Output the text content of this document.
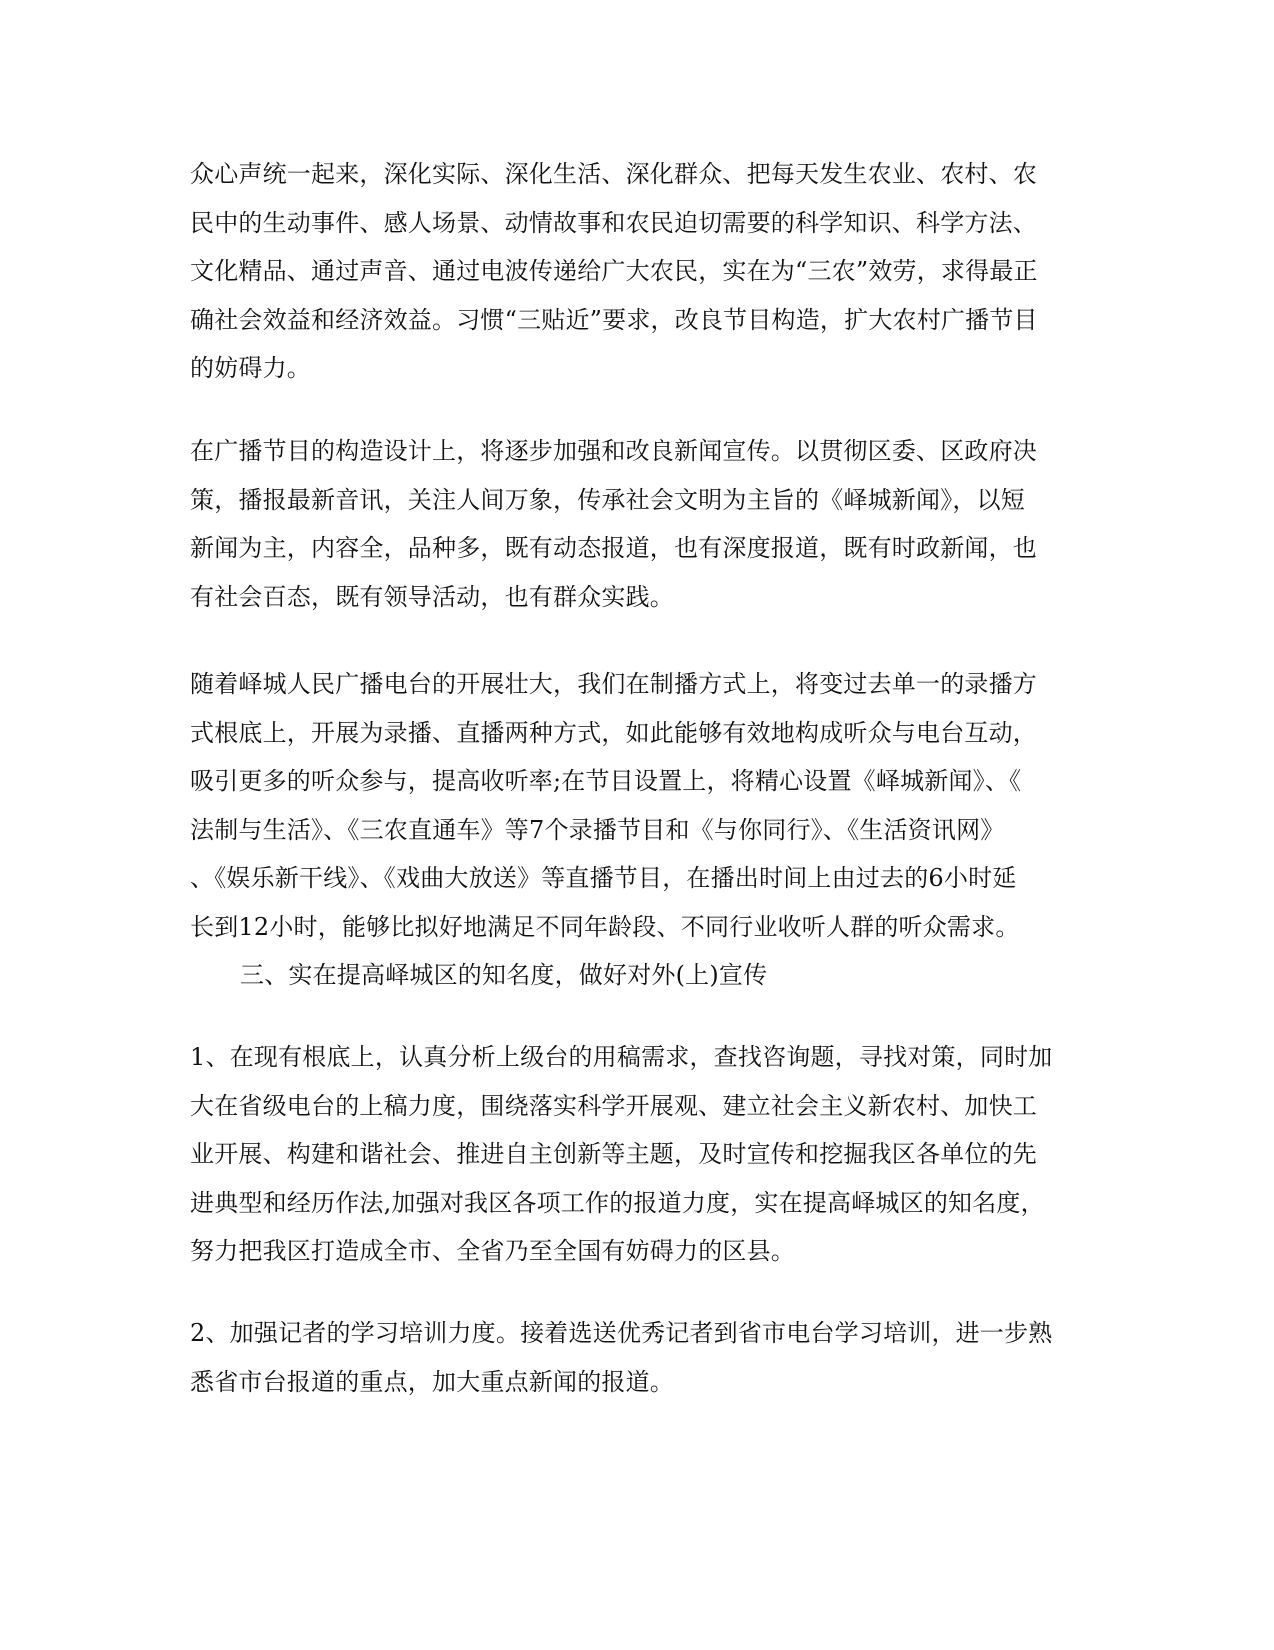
众心声统一起来，深化实际、深化生活、深化群众、把每天发生农业、农村、农
民中的生动事件、感人场景、动情故事和农民迫切需要的科学知识、科学方法、
文化精品、通过声音、通过电波传递给广大农民，实在为“三农”效劳，求得最正
确社会效益和经济效益。习惯“三贴近”要求，改良节目构造，扩大农村广播节目
的妨碍力。
在广播节目的构造设计上，将逐步加强和改良新闻宣传。以贯彻区委、区政府决
策，播报最新音讯，关注人间万象，传承社会文明为主旨的《峄城新闻》，以短
新闻为主，内容全，品种多，既有动态报道，也有深度报道，既有时政新闻，也
有社会百态，既有领导活动，也有群众实践。
随着峄城人民广播电台的开展壮大，我们在制播方式上，将变过去单一的录播方
式根底上，开展为录播、直播两种方式，如此能够有效地构成听众与电台互动，
吸引更多的听众参与，提高收听率;在节目设置上，将精心设置《峄城新闻》、《
法制与生活》、《三农直通车》等7个录播节目和《与你同行》、《生活资讯网》
、《娱乐新干线》、《戏曲大放送》等直播节目，在播出时间上由过去的6小时延
长到12小时，能够比拟好地满足不同年龄段、不同行业收听人群的听众需求。
三、实在提高峄城区的知名度，做好对外(上)宣传
1、在现有根底上，认真分析上级台的用稿需求，查找咨询题，寻找对策，同时加
大在省级电台的上稿力度，围绕落实科学开展观、建立社会主义新农村、加快工
业开展、构建和谐社会、推进自主创新等主题，及时宣传和挖掘我区各单位的先
进典型和经历作法,加强对我区各项工作的报道力度，实在提高峄城区的知名度，
努力把我区打造成全市、全省乃至全国有妨碍力的区县。
2、加强记者的学习培训力度。接着选送优秀记者到省市电台学习培训，进一步熟
悉省市台报道的重点，加大重点新闻的报道。
